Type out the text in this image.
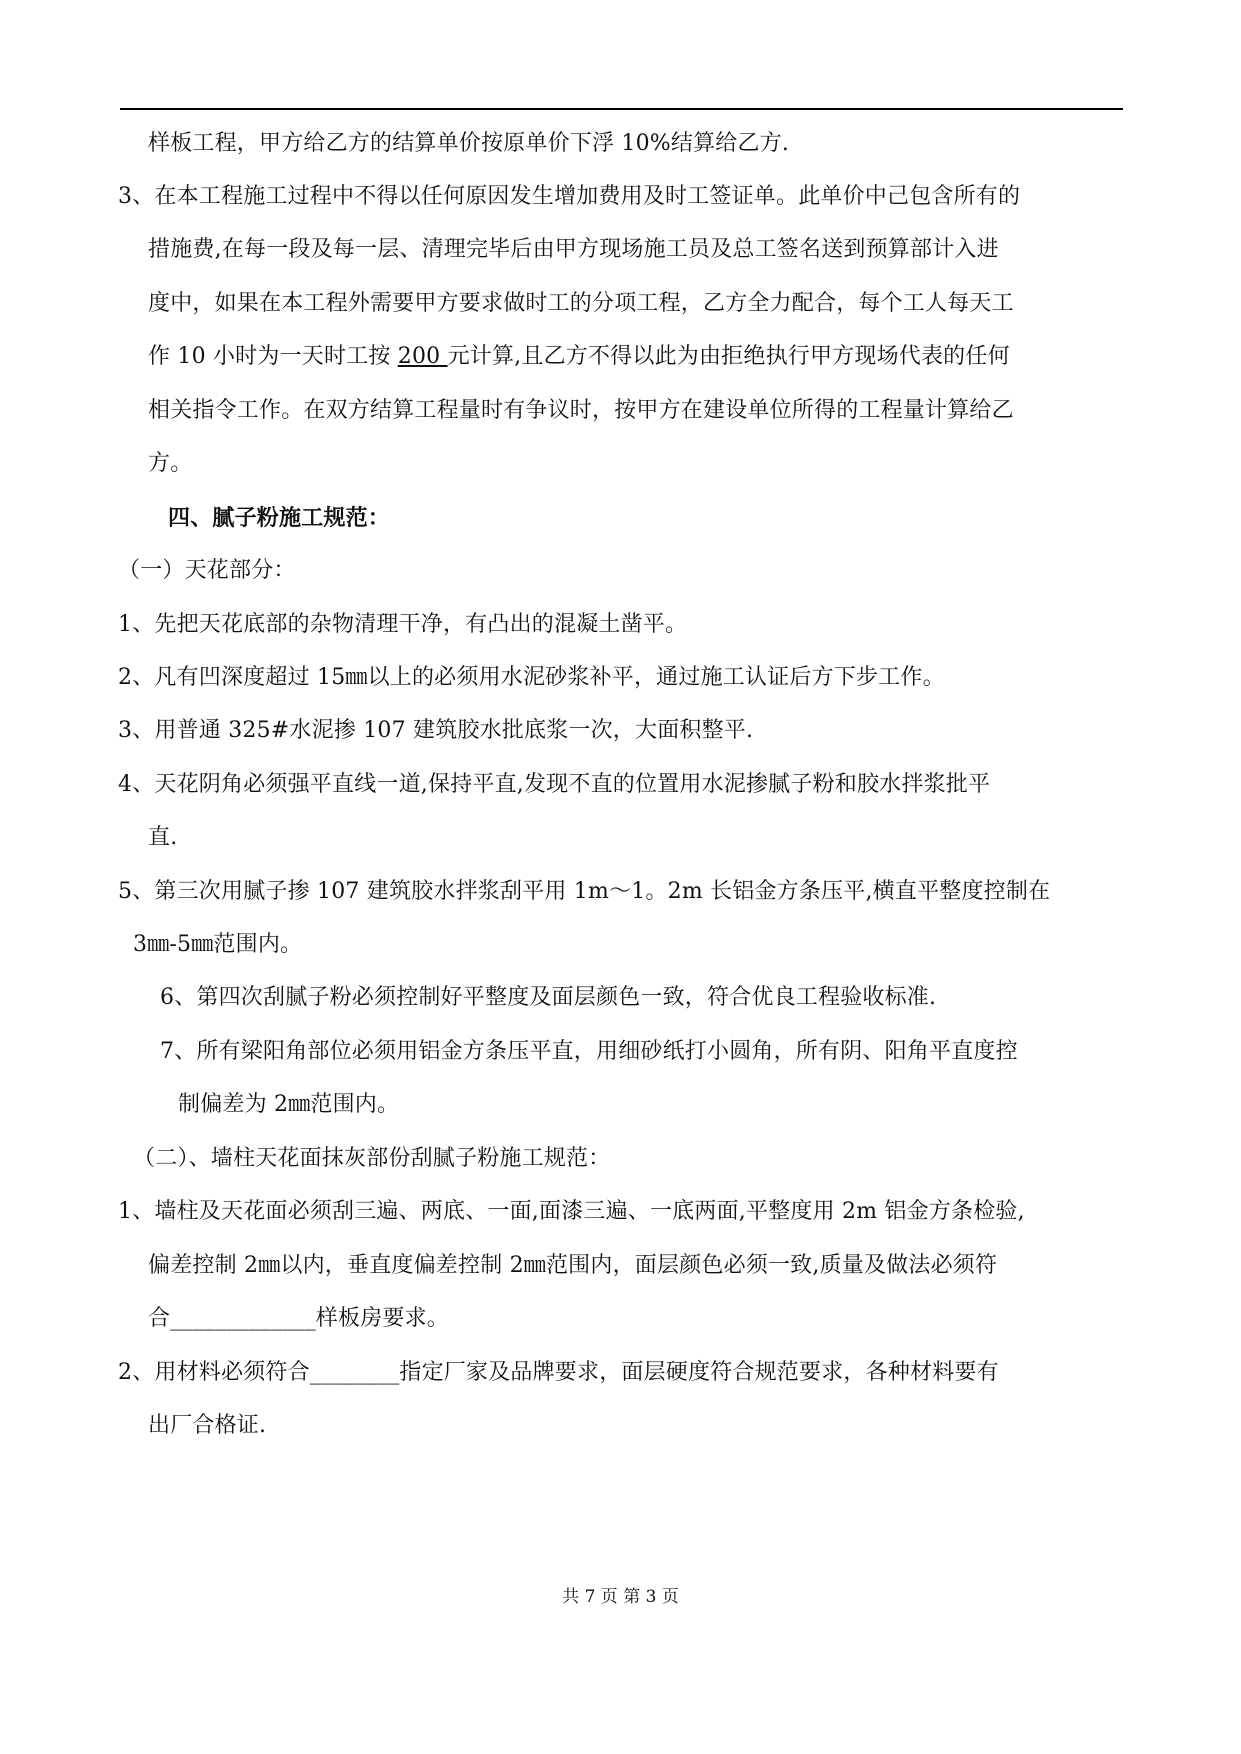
样板工程，甲方给乙方的结算单价按原单价下浮 10%结算给乙方.
3、在本工程施工过程中不得以任何原因发生增加费用及时工签证单。此单价中己包含所有的
措施费,在每一段及每一层、清理完毕后由甲方现场施工员及总工签名送到预算部计入进
度中，如果在本工程外需要甲方要求做时工的分项工程，乙方全力配合，每个工人每天工
作 10 小时为一天时工按 200 元计算,且乙方不得以此为由拒绝执行甲方现场代表的任何
相关指令工作。在双方结算工程量时有争议时，按甲方在建设单位所得的工程量计算给乙
方。
四、腻子粉施工规范：
（一）天花部分：
1、先把天花底部的杂物清理干净，有凸出的混凝土凿平。
2、凡有凹深度超过 15㎜以上的必须用水泥砂浆补平，通过施工认证后方下步工作。
3、用普通 325#水泥掺 107 建筑胶水批底浆一次，大面积整平.
4、天花阴角必须强平直线一道,保持平直,发现不直的位置用水泥掺腻子粉和胶水拌浆批平
直.
5、第三次用腻子掺 107 建筑胶水拌浆刮平用 1m～1。2m 长铝金方条压平,横直平整度控制在
3㎜-5㎜范围内。
6、第四次刮腻子粉必须控制好平整度及面层颜色一致，符合优良工程验收标准.
7、所有梁阳角部位必须用铝金方条压平直，用细砂纸打小圆角，所有阴、阳角平直度控
制偏差为 2㎜范围内。
（二）、墙柱天花面抹灰部份刮腻子粉施工规范：
1、墙柱及天花面必须刮三遍、两底、一面,面漆三遍、一底两面,平整度用 2m 铝金方条检验,
偏差控制 2㎜以内，垂直度偏差控制 2㎜范围内，面层颜色必须一致,质量及做法必须符
合_____________样板房要求。
2、用材料必须符合________指定厂家及品牌要求，面层硬度符合规范要求，各种材料要有
出厂合格证.
共 7 页 第 3 页
